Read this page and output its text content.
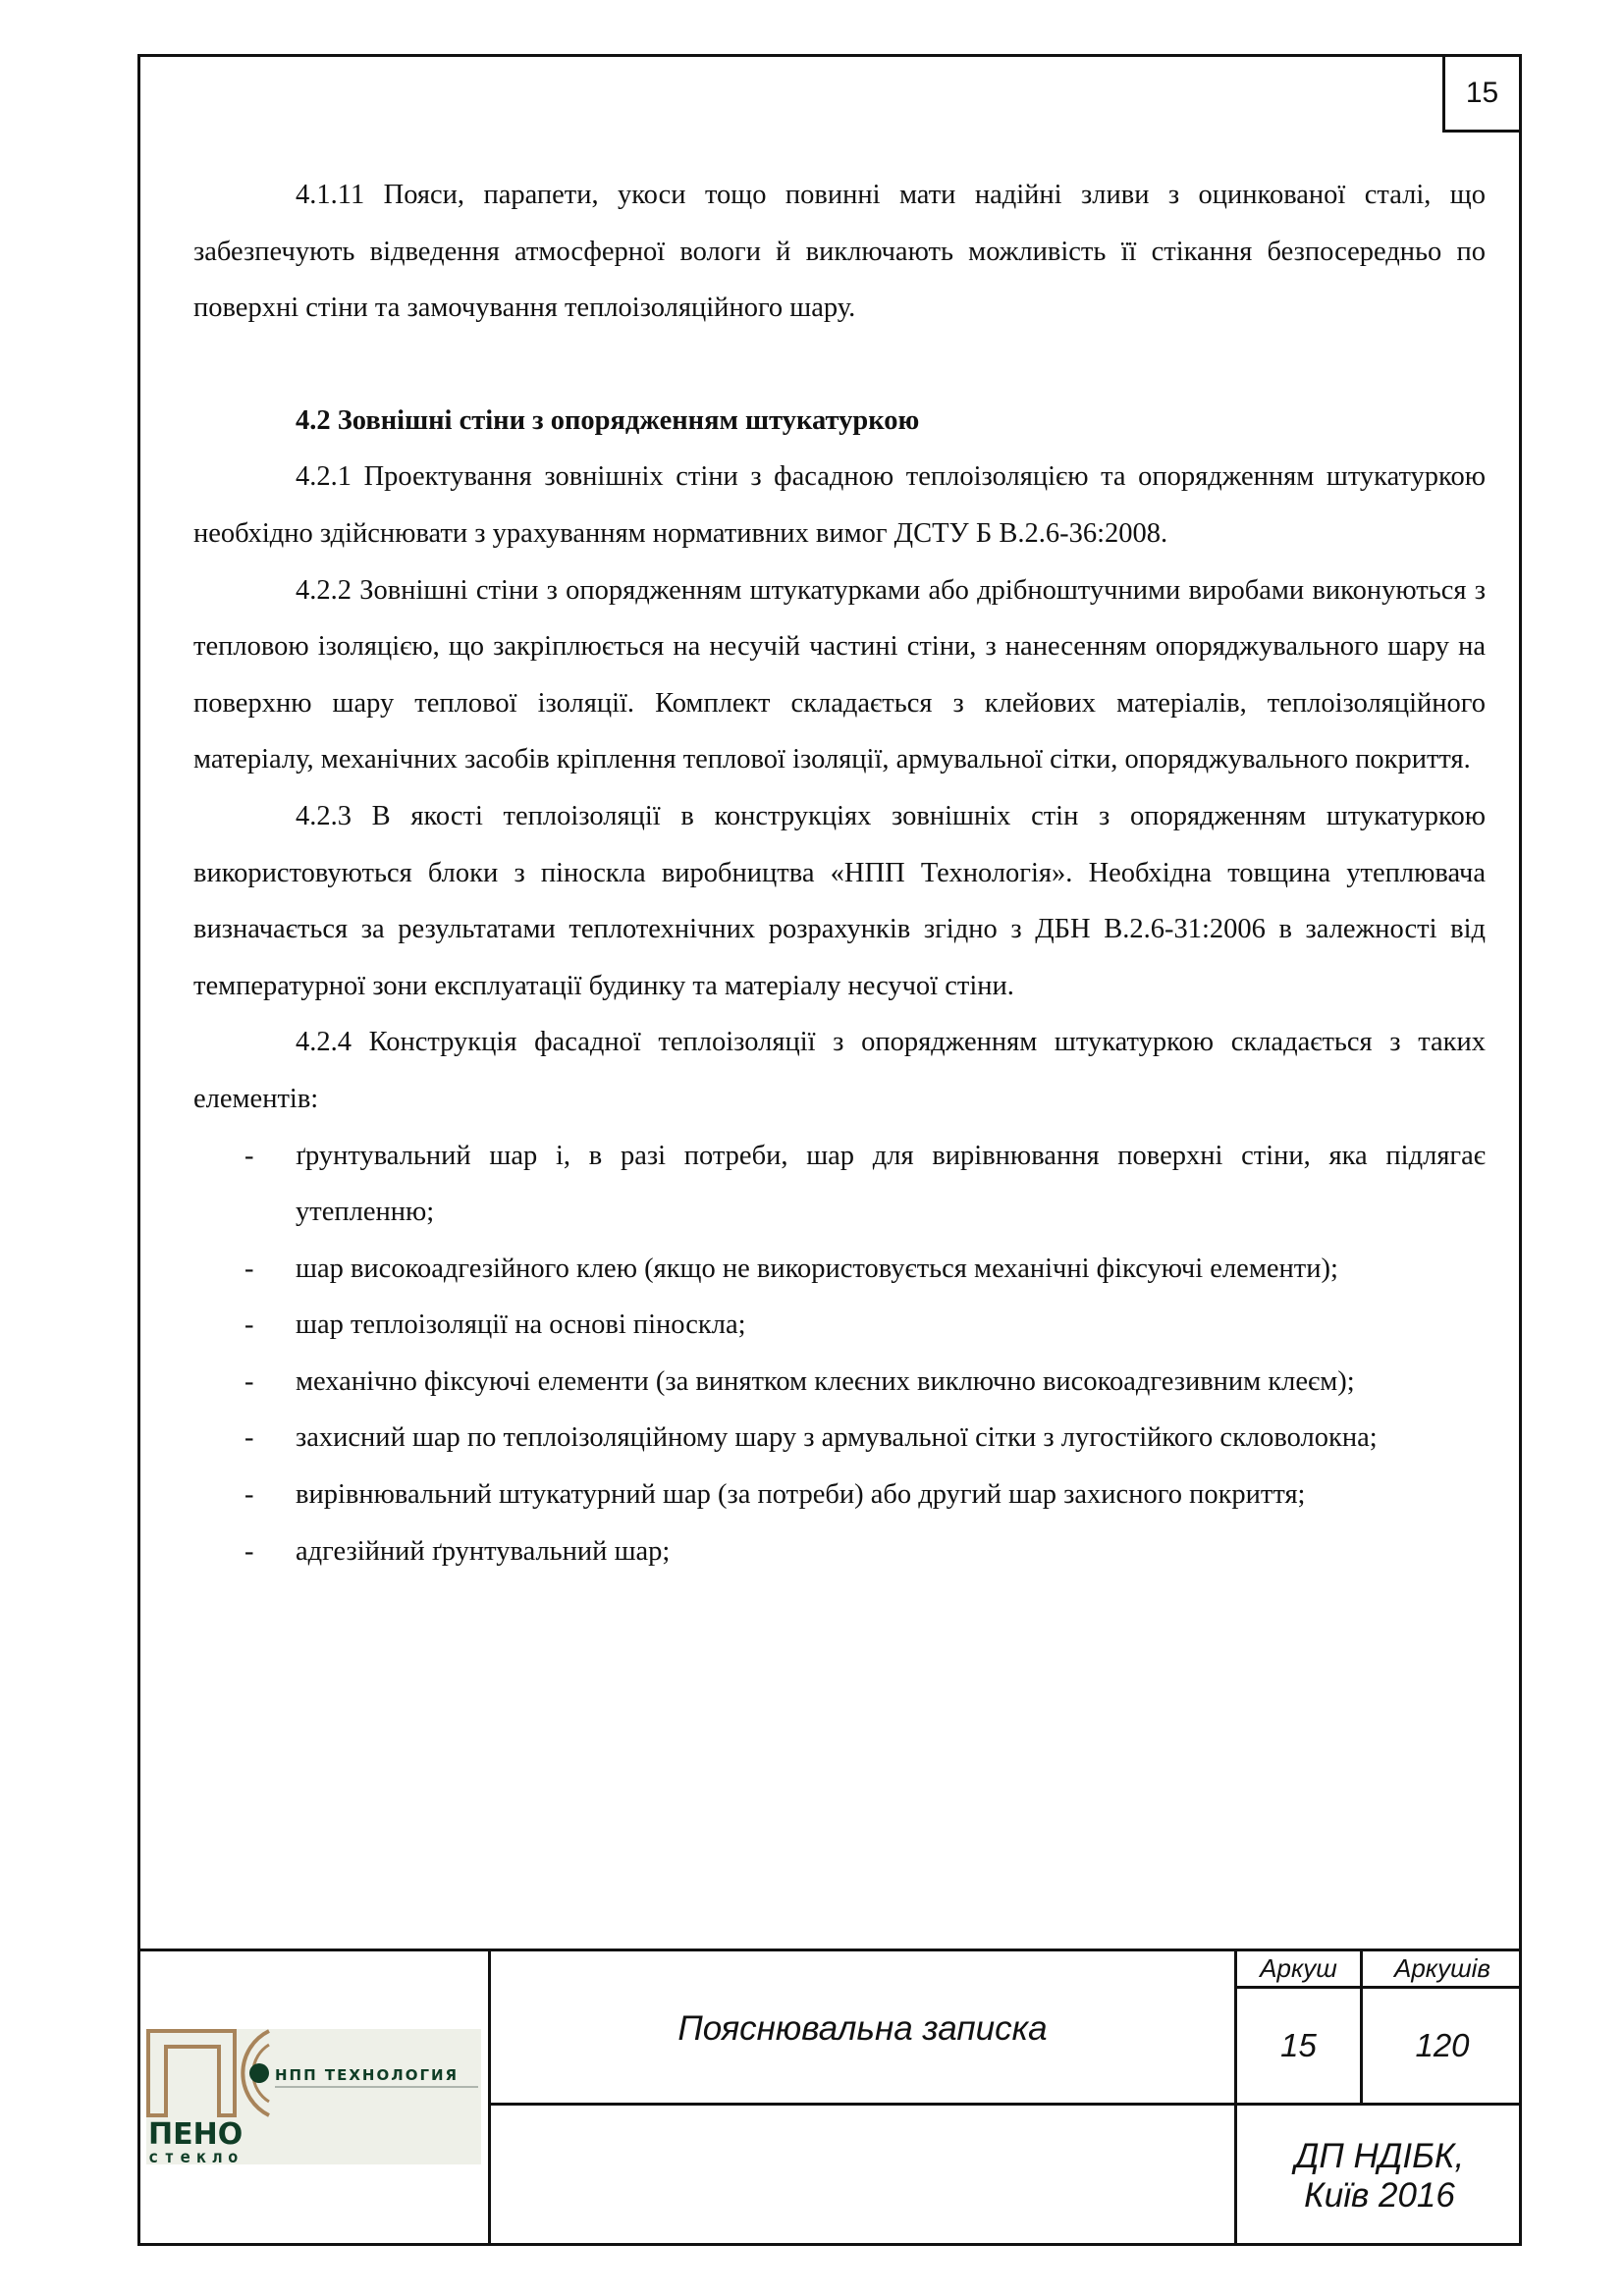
15

4.1.11 Пояси, парапети, укоси тощо повинні мати надійні зливи з оцинкованої сталі, що забезпечують відведення атмосферної вологи й виключають можливість її стікання безпосередньо по поверхні стіни та замочування теплоізоляційного шару.

4.2 Зовнішні стіни з опорядженням штукатуркою

4.2.1 Проектування зовнішніх стіни з фасадною теплоізоляцією та опорядженням штукатуркою необхідно здійснювати з урахуванням нормативних вимог ДСТУ Б В.2.6-36:2008.

4.2.2 Зовнішні стіни з опорядженням штукатурками або дрібноштучними виробами виконуються з тепловою ізоляцією, що закріплюється на несучій частині стіни, з нанесенням опоряджувального шару на поверхню шару теплової ізоляції. Комплект складається з клейових матеріалів, теплоізоляційного матеріалу, механічних засобів кріплення теплової ізоляції, армувальної сітки, опоряджувального покриття.

4.2.3 В якості теплоізоляції в конструкціях зовнішніх стін з опорядженням штукатуркою використовуються блоки з піноскла виробництва «НПП Технологія». Необхідна товщина утеплювача визначається за результатами теплотехнічних розрахунків згідно з ДБН В.2.6-31:2006 в залежності від температурної зони експлуатації будинку та матеріалу несучої стіни.

4.2.4 Конструкція фасадної теплоізоляції з опорядженням штукатуркою складається з таких елементів:

- ґрунтувальний шар і, в разі потреби, шар для вирівнювання поверхні стіни, яка підлягає утепленню;
- шар високоадгезійного клею (якщо не використовується механічні фіксуючі елементи);
- шар теплоізоляції на основі піноскла;
- механічно фіксуючі елементи (за винятком клеєних виключно високоадгезивним клеєм);
- захисний шар по теплоізоляційному шару з армувальної сітки з лугостійкого скловолокна;
- вирівнювальний штукатурний шар (за потреби) або другий шар захисного покриття;
- адгезійний ґрунтувальний шар;
Аркуш	Аркушів
15	120
Пояснювальна записка
ДП НДІБК,
Київ 2016
НПП ТЕХНОЛОГИЯ
ПЕНО
стекло
